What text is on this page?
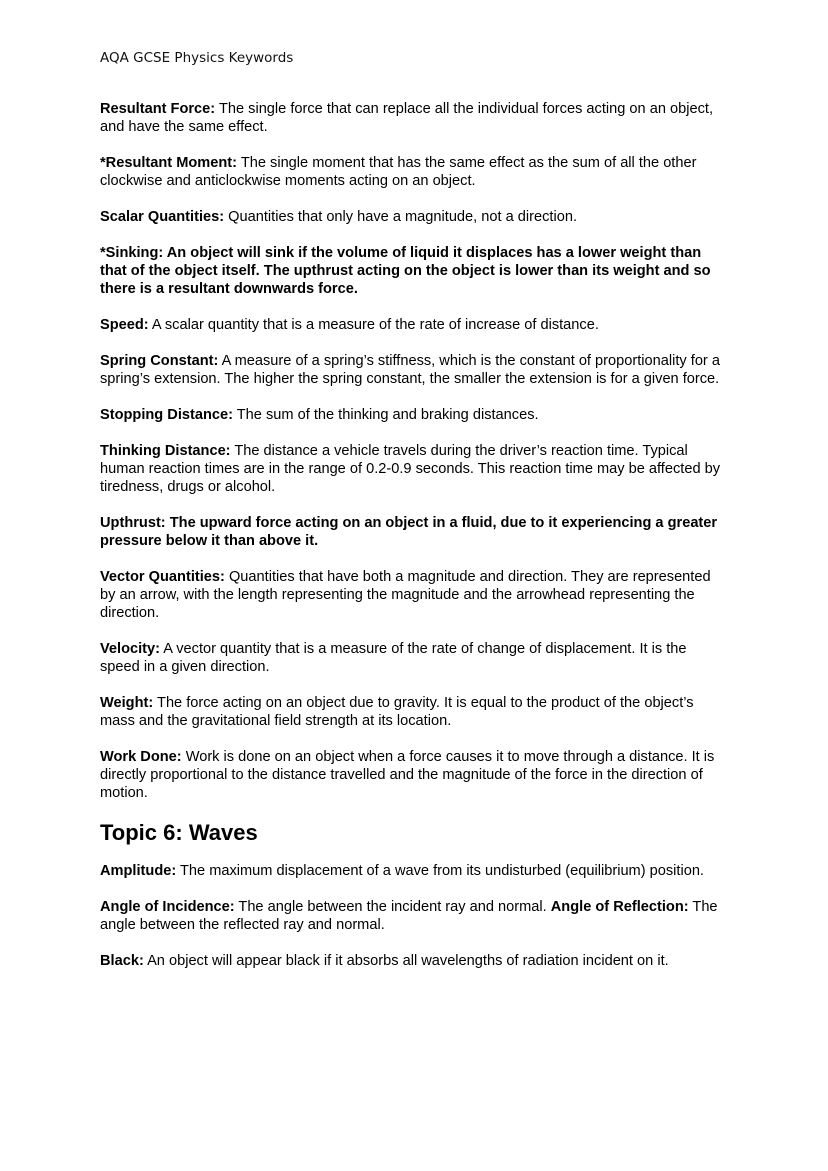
AQA GCSE Physics Keywords

Resultant Force: The single force that can replace all the individual forces acting on an object, and have the same effect.

*Resultant Moment: The single moment that has the same effect as the sum of all the other clockwise and anticlockwise moments acting on an object.

Scalar Quantities: Quantities that only have a magnitude, not a direction.

*Sinking: An object will sink if the volume of liquid it displaces has a lower weight than that of the object itself. The upthrust acting on the object is lower than its weight and so there is a resultant downwards force.

Speed: A scalar quantity that is a measure of the rate of increase of distance.

Spring Constant: A measure of a spring’s stiffness, which is the constant of proportionality for a spring’s extension. The higher the spring constant, the smaller the extension is for a given force.

Stopping Distance: The sum of the thinking and braking distances.

Thinking Distance: The distance a vehicle travels during the driver’s reaction time. Typical human reaction times are in the range of 0.2-0.9 seconds. This reaction time may be affected by tiredness, drugs or alcohol.

Upthrust: The upward force acting on an object in a fluid, due to it experiencing a greater pressure below it than above it.

Vector Quantities: Quantities that have both a magnitude and direction. They are represented by an arrow, with the length representing the magnitude and the arrowhead representing the direction.

Velocity: A vector quantity that is a measure of the rate of change of displacement. It is the speed in a given direction.

Weight: The force acting on an object due to gravity. It is equal to the product of the object’s mass and the gravitational field strength at its location.

Work Done: Work is done on an object when a force causes it to move through a distance. It is directly proportional to the distance travelled and the magnitude of the force in the direction of motion.

Topic 6: Waves

Amplitude: The maximum displacement of a wave from its undisturbed (equilibrium) position.

Angle of Incidence: The angle between the incident ray and normal. Angle of Reflection: The angle between the reflected ray and normal.

Black: An object will appear black if it absorbs all wavelengths of radiation incident on it.
